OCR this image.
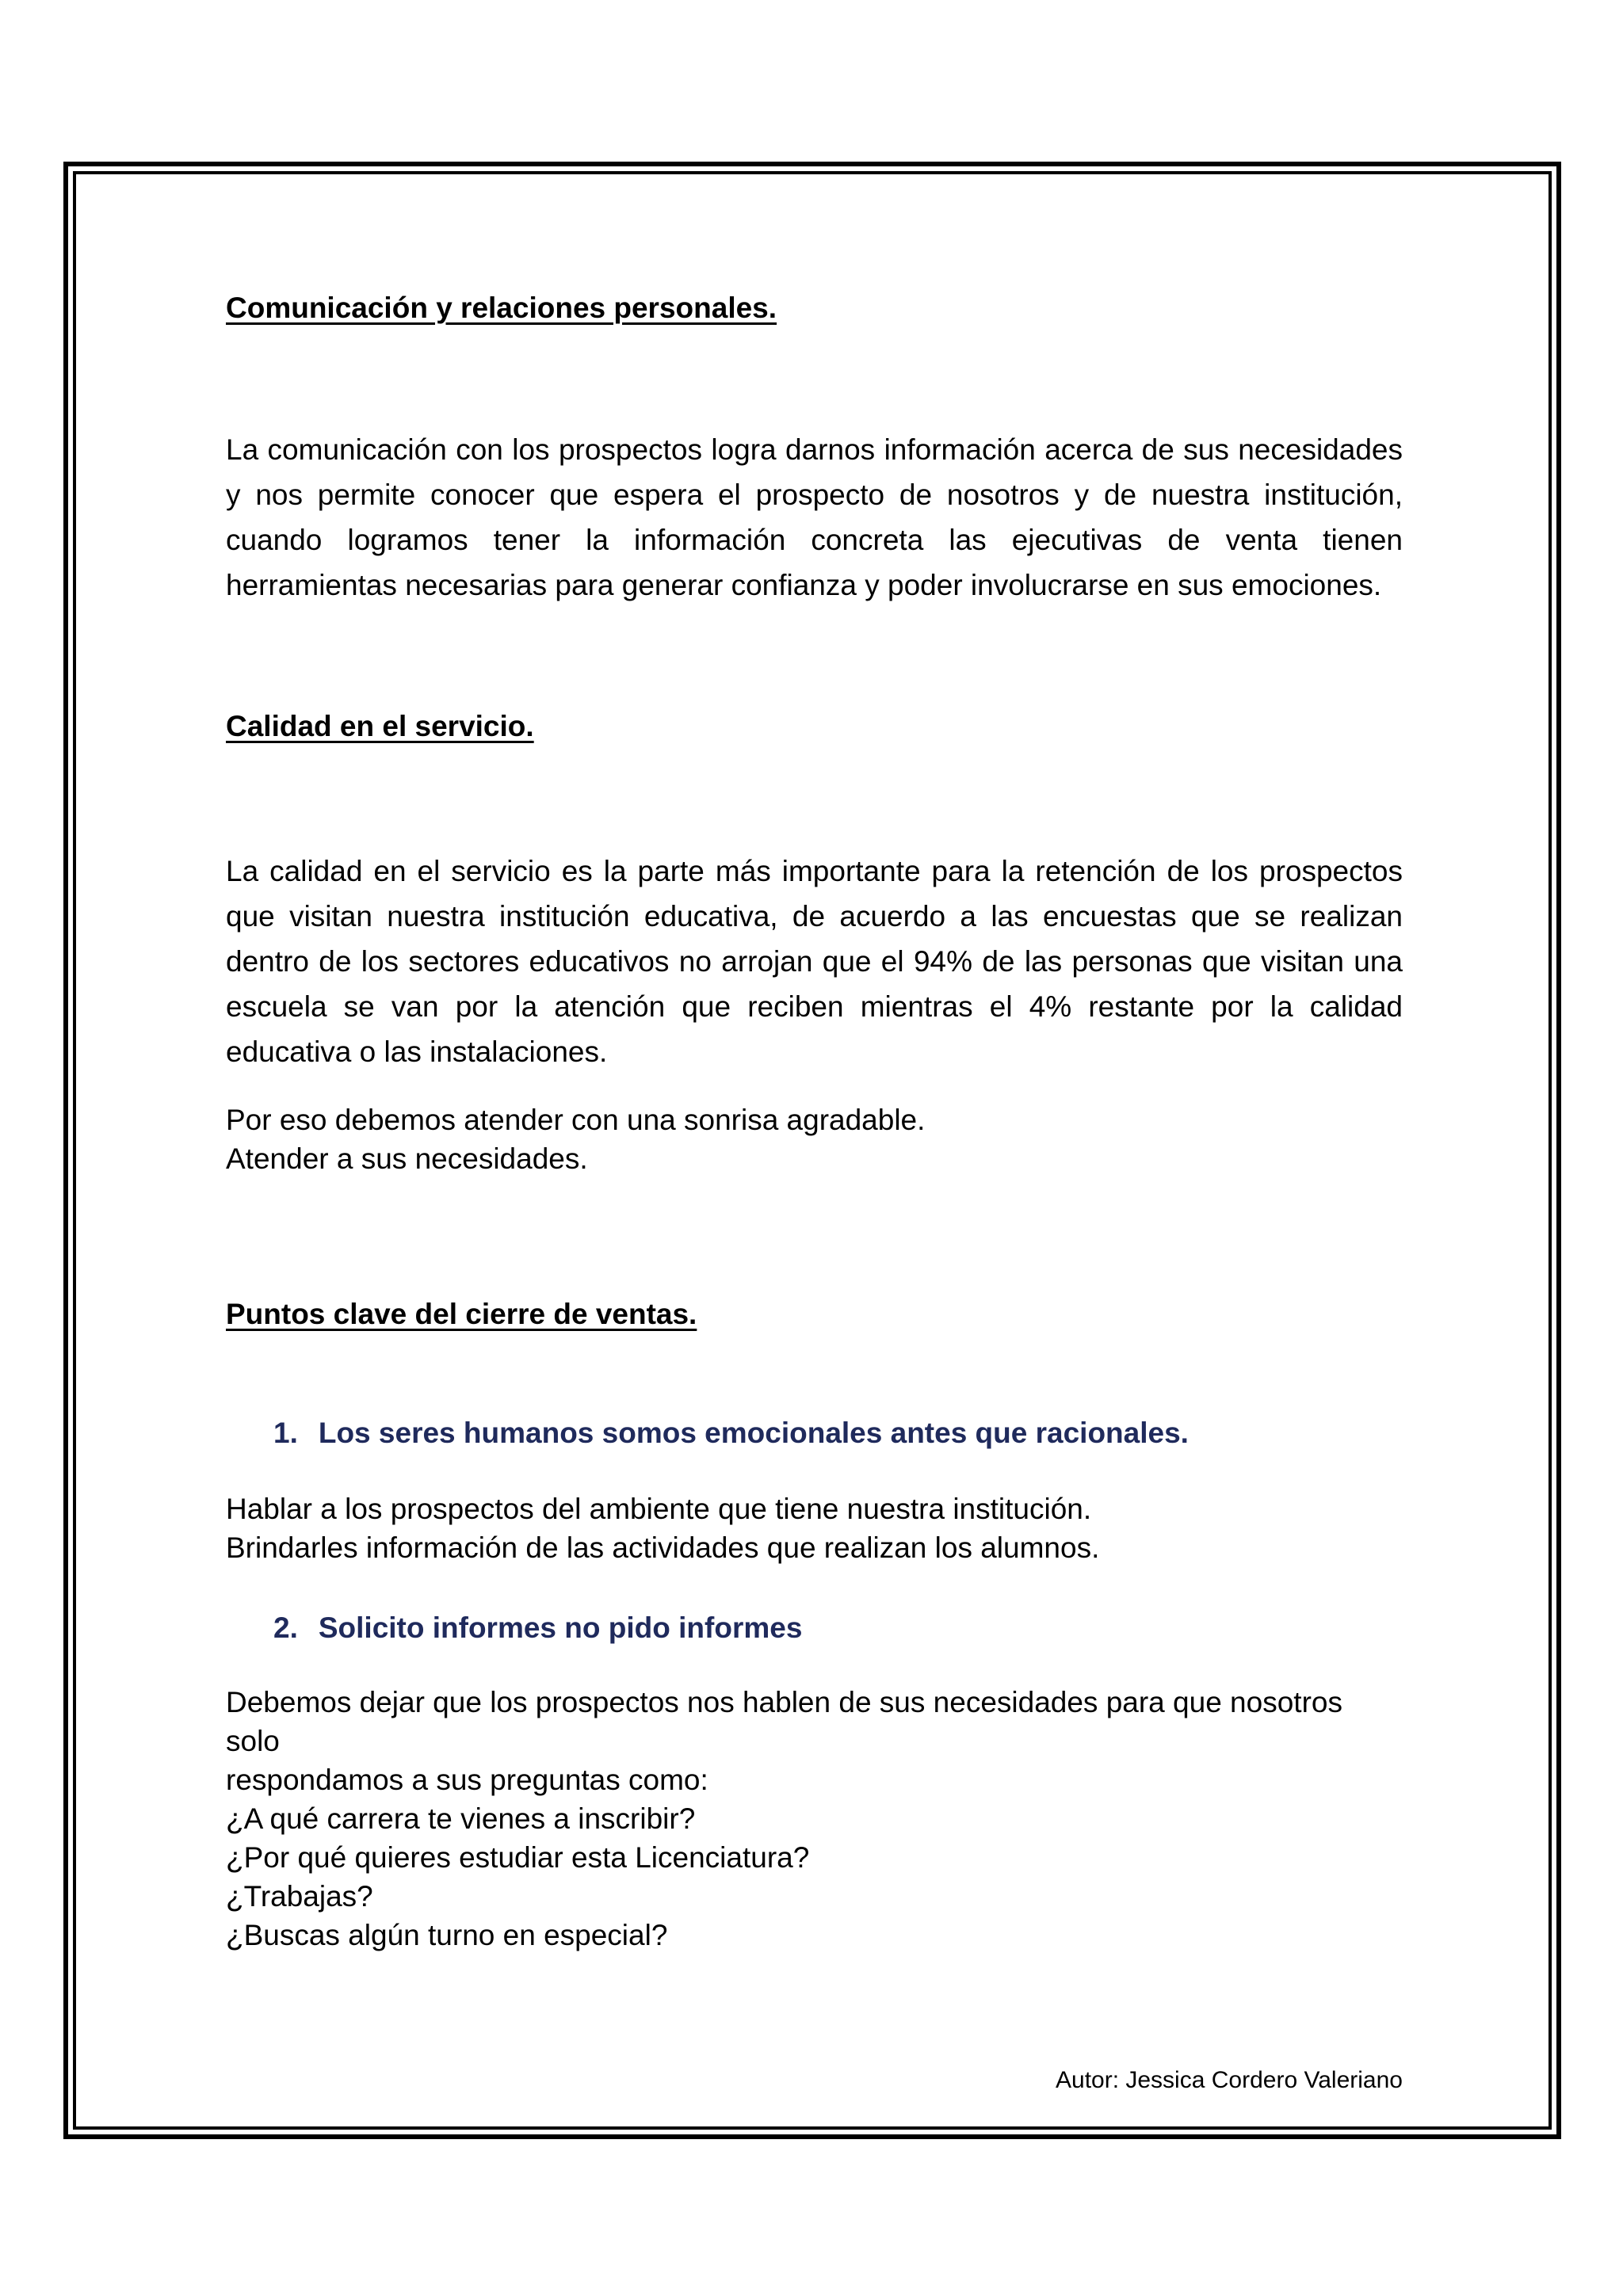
Comunicación y relaciones personales.

La comunicación con los prospectos logra darnos información acerca de sus necesidades y nos permite conocer que espera el prospecto de nosotros y de nuestra institución, cuando logramos tener la información concreta las ejecutivas de venta tienen herramientas necesarias para generar confianza y poder involucrarse en sus emociones.

Calidad en el servicio.

La calidad en el servicio es la parte más importante para la retención de los prospectos que visitan nuestra institución educativa, de acuerdo a las encuestas que se realizan dentro de los sectores educativos no arrojan que el 94% de las personas que visitan una escuela se van por la atención que reciben mientras el 4% restante por la calidad educativa o las instalaciones.

Por eso debemos atender con una sonrisa agradable.
Atender a sus necesidades.
Puntos clave del cierre de ventas.
1. Los seres humanos somos emocionales antes que racionales.
Hablar a los prospectos del ambiente que tiene nuestra institución.
Brindarles información de las actividades que realizan los alumnos.
2. Solicito informes no pido informes
Debemos dejar que los prospectos nos hablen de sus necesidades para que nosotros solo
respondamos a sus preguntas como:
¿A qué carrera te vienes a inscribir?
¿Por qué quieres estudiar esta Licenciatura?
¿Trabajas?
¿Buscas algún turno en especial?
Autor: Jessica Cordero Valeriano
